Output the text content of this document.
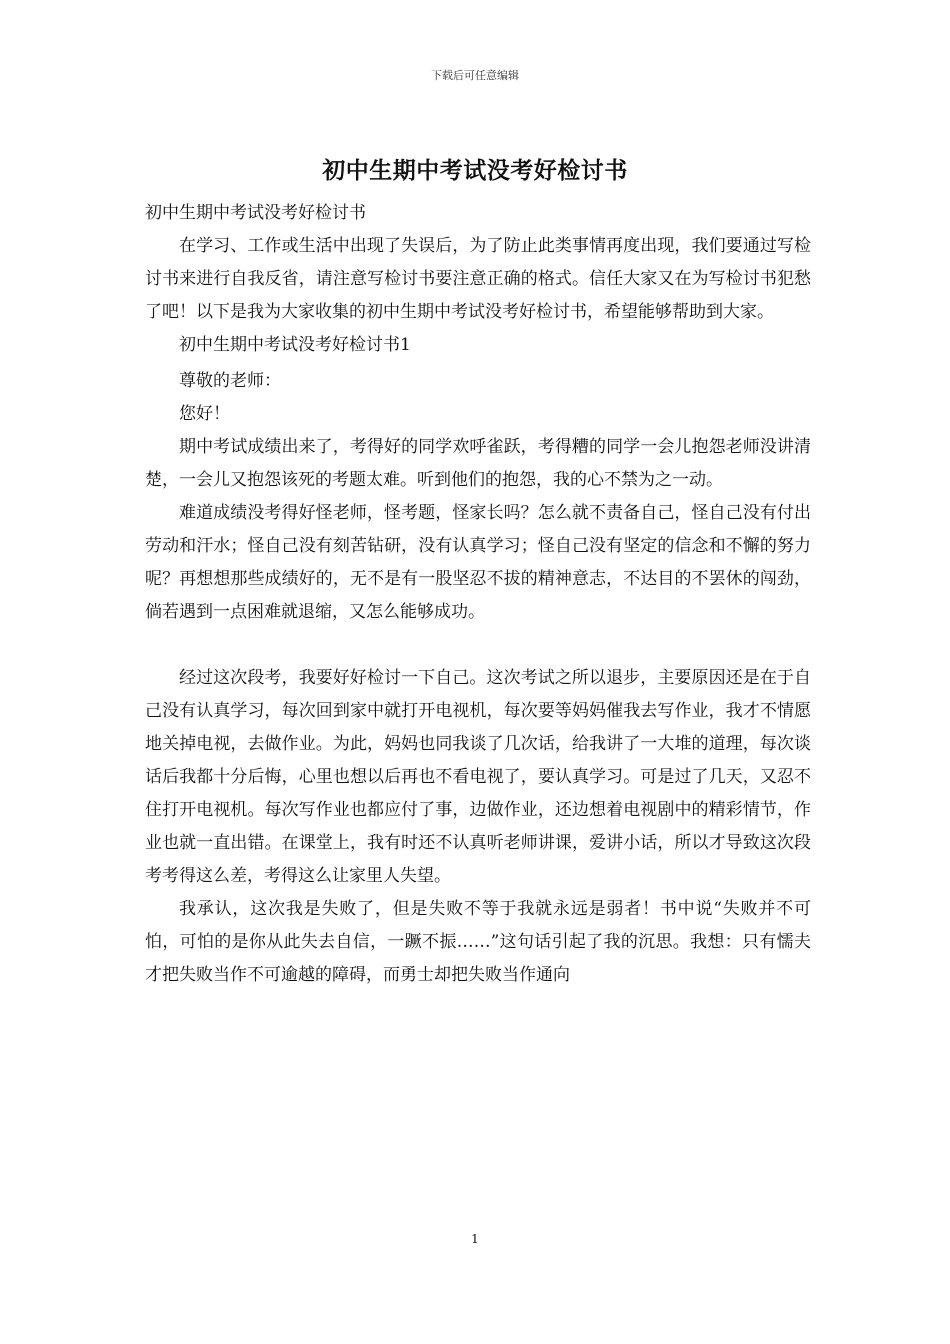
下载后可任意编辑
初中生期中考试没考好检讨书

初中生期中考试没考好检讨书

在学习、工作或生活中出现了失误后，为了防止此类事情再度出现，我们要通过写检讨书来进行自我反省，请注意写检讨书要注意正确的格式。信任大家又在为写检讨书犯愁了吧！以下是我为大家收集的初中生期中考试没考好检讨书，希望能够帮助到大家。

初中生期中考试没考好检讨书1

尊敬的老师：

您好！

期中考试成绩出来了，考得好的同学欢呼雀跃，考得糟的同学一会儿抱怨老师没讲清楚，一会儿又抱怨该死的考题太难。听到他们的抱怨，我的心不禁为之一动。

难道成绩没考得好怪老师，怪考题，怪家长吗？怎么就不责备自己，怪自己没有付出劳动和汗水；怪自己没有刻苦钻研，没有认真学习；怪自己没有坚定的信念和不懈的努力呢？再想想那些成绩好的，无不是有一股坚忍不拔的精神意志，不达目的不罢休的闯劲，倘若遇到一点困难就退缩，又怎么能够成功。

经过这次段考，我要好好检讨一下自己。这次考试之所以退步，主要原因还是在于自己没有认真学习，每次回到家中就打开电视机，每次要等妈妈催我去写作业，我才不情愿地关掉电视，去做作业。为此，妈妈也同我谈了几次话，给我讲了一大堆的道理，每次谈话后我都十分后悔，心里也想以后再也不看电视了，要认真学习。可是过了几天，又忍不住打开电视机。每次写作业也都应付了事，边做作业，还边想着电视剧中的精彩情节，作业也就一直出错。在课堂上，我有时还不认真听老师讲课，爱讲小话，所以才导致这次段考考得这么差，考得这么让家里人失望。

我承认，这次我是失败了，但是失败不等于我就永远是弱者！书中说“失败并不可怕，可怕的是你从此失去自信，一蹶不振……”这句话引起了我的沉思。我想：只有懦夫才把失败当作不可逾越的障碍，而勇士却把失败当作通向

1
